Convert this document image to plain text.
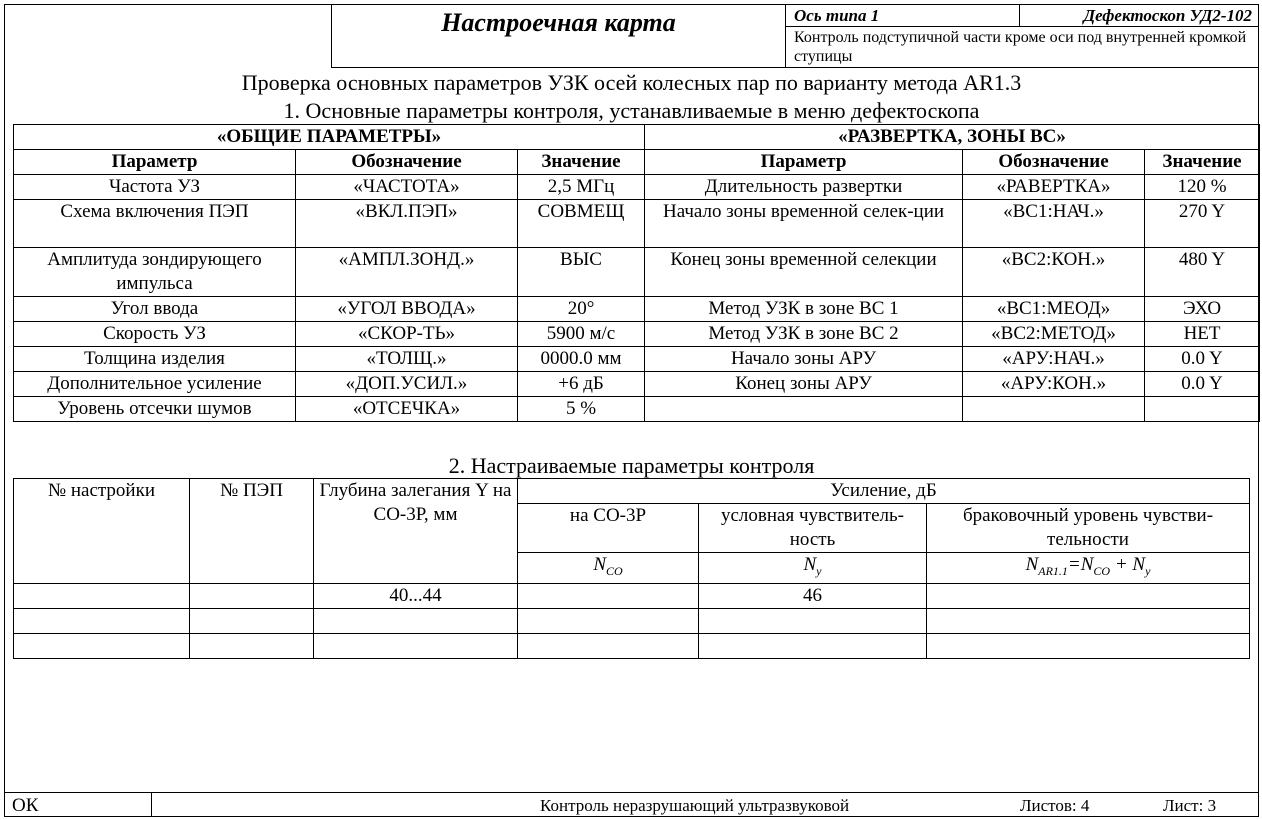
Настроечная карта	Ось типа 1	Дефектоскоп УД2-102
Контроль подступичной части кроме оси под внутренней кромкой ступицы
Проверка основных параметров УЗК осей колесных пар по варианту метода AR1.3
1. Основные параметры контроля, устанавливаемые в меню дефектоскопа
«ОБЩИЕ ПАРАМЕТРЫ»			«РАЗВЕРТКА, ЗОНЫ ВС»		
Параметр	Обозначение	Значение	Параметр	Обозначение	Значение
Частота УЗ	«ЧАСТОТА»	2,5 МГц	Длительность развертки	«РАВЕРТКА»	120 %
Схема включения ПЭП	«ВКЛ.ПЭП»	СОВМЕЩ	Начало зоны временной селек-ции	«ВС1:НАЧ.»	270 Y
Амплитуда зондирующего импульса	«АМПЛ.ЗОНД.»	ВЫС	Конец зоны временной селекции	«ВС2:КОН.»	480 Y
Угол ввода	«УГОЛ ВВОДА»	20°	Метод УЗК в зоне ВС 1	«ВС1:МЕОД»	ЭХО
Скорость УЗ	«СКОР-ТЬ»	5900 м/с	Метод УЗК в зоне ВС 2	«ВС2:МЕТОД»	НЕТ
Толщина изделия	«ТОЛЩ.»	0000.0 мм	Начало зоны АРУ	«АРУ:НАЧ.»	0.0 Y
Дополнительное усиление	«ДОП.УСИЛ.»	+6 дБ	Конец зоны АРУ	«АРУ:КОН.»	0.0 Y
Уровень отсечки шумов	«ОТСЕЧКА»	5 %			
2. Настраиваемые параметры контроля
№ настройки	№ ПЭП	Глубина залегания Y на СО-3Р, мм	Усиление, дБ		
			на СО-3Р	условная чувствитель-ность	браковочный уровень чувстви-тельности
			$N_{CO}$	$N_у$	$N_{AR1.1}=N_{CO} + N_у$
		40...44		46	

ОК	Контроль неразрушающий ультразвуковой	Листов: 4	Лист: 3
